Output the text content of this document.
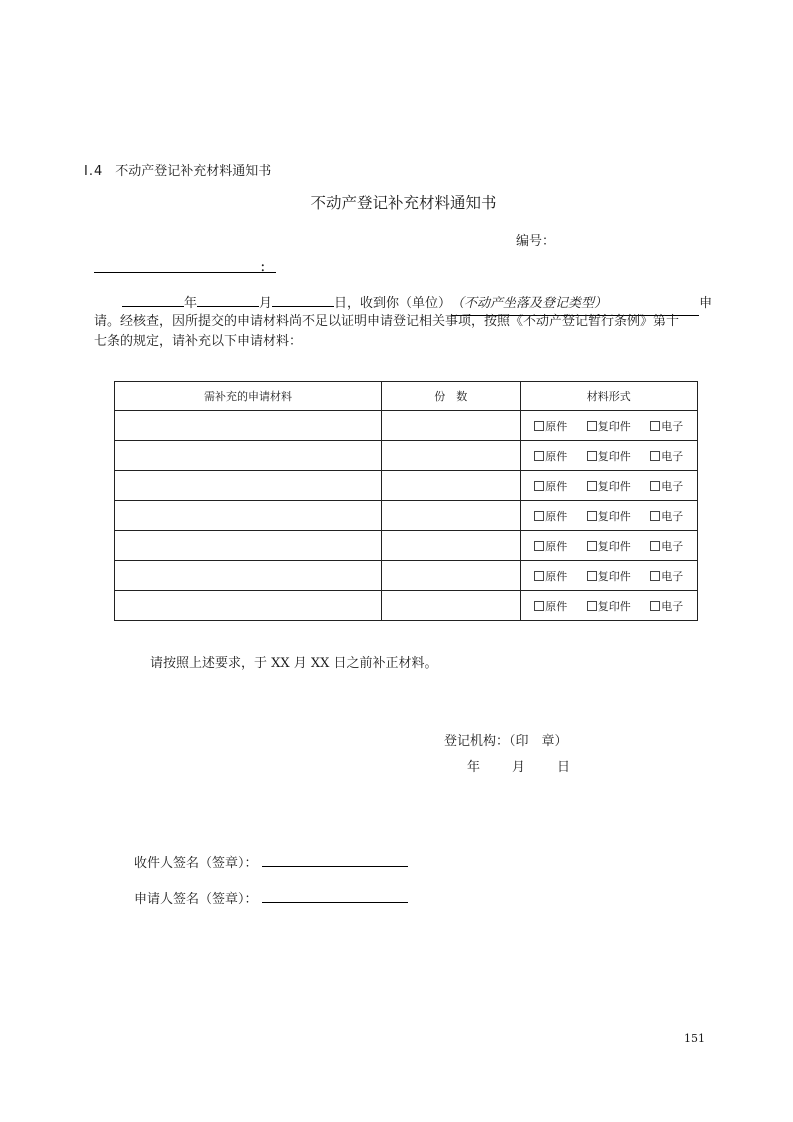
I.4 不动产登记补充材料通知书
不动产登记补充材料通知书
编号：
：
年	月	日，收到你（单位）（不动产坐落及登记类型）	申
请。经核查，因所提交的申请材料尚不足以证明申请登记相关事项，按照《不动产登记暂行条例》第十
七条的规定，请补充以下申请材料：
需补充的申请材料	份　数	材料形式

		原件 复印件 电子

		原件 复印件 电子

		原件 复印件 电子

		原件 复印件 电子

		原件 复印件 电子

		原件 复印件 电子

		原件 复印件 电子
请按照上述要求，于 XX 月 XX 日之前补正材料。
登记机构：（印　章）
年 月 日
收件人签名（签章）：
申请人签名（签章）：
151
